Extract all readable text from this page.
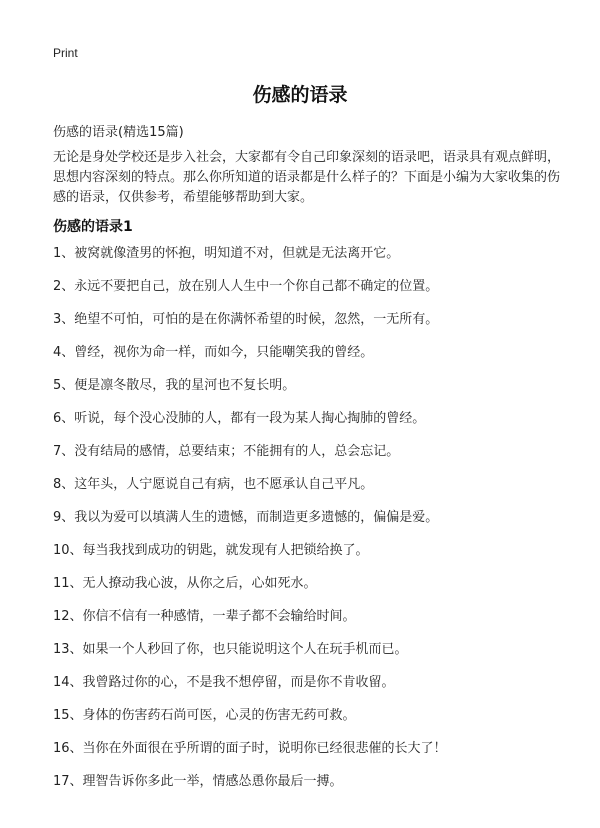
Print
伤感的语录
伤感的语录(精选15篇)
无论是身处学校还是步入社会，大家都有令自己印象深刻的语录吧，语录具有观点鲜明，思想内容深刻的特点。那么你所知道的语录都是什么样子的？下面是小编为大家收集的伤感的语录，仅供参考，希望能够帮助到大家。
伤感的语录1
1、被窝就像渣男的怀抱，明知道不对，但就是无法离开它。
2、永远不要把自己，放在别人人生中一个你自己都不确定的位置。
3、绝望不可怕，可怕的是在你满怀希望的时候，忽然，一无所有。
4、曾经，视你为命一样，而如今，只能嘲笑我的曾经。
5、便是凛冬散尽，我的星河也不复长明。
6、听说，每个没心没肺的人，都有一段为某人掏心掏肺的曾经。
7、没有结局的感情，总要结束；不能拥有的人，总会忘记。
8、这年头，人宁愿说自己有病，也不愿承认自己平凡。
9、我以为爱可以填满人生的遗憾，而制造更多遗憾的，偏偏是爱。
10、每当我找到成功的钥匙，就发现有人把锁给换了。
11、无人撩动我心波，从你之后，心如死水。
12、你信不信有一种感情，一辈子都不会输给时间。
13、如果一个人秒回了你，也只能说明这个人在玩手机而已。
14、我曾路过你的心，不是我不想停留，而是你不肯收留。
15、身体的伤害药石尚可医，心灵的伤害无药可救。
16、当你在外面很在乎所谓的面子时，说明你已经很悲催的长大了！
17、理智告诉你多此一举，情感怂恿你最后一搏。
